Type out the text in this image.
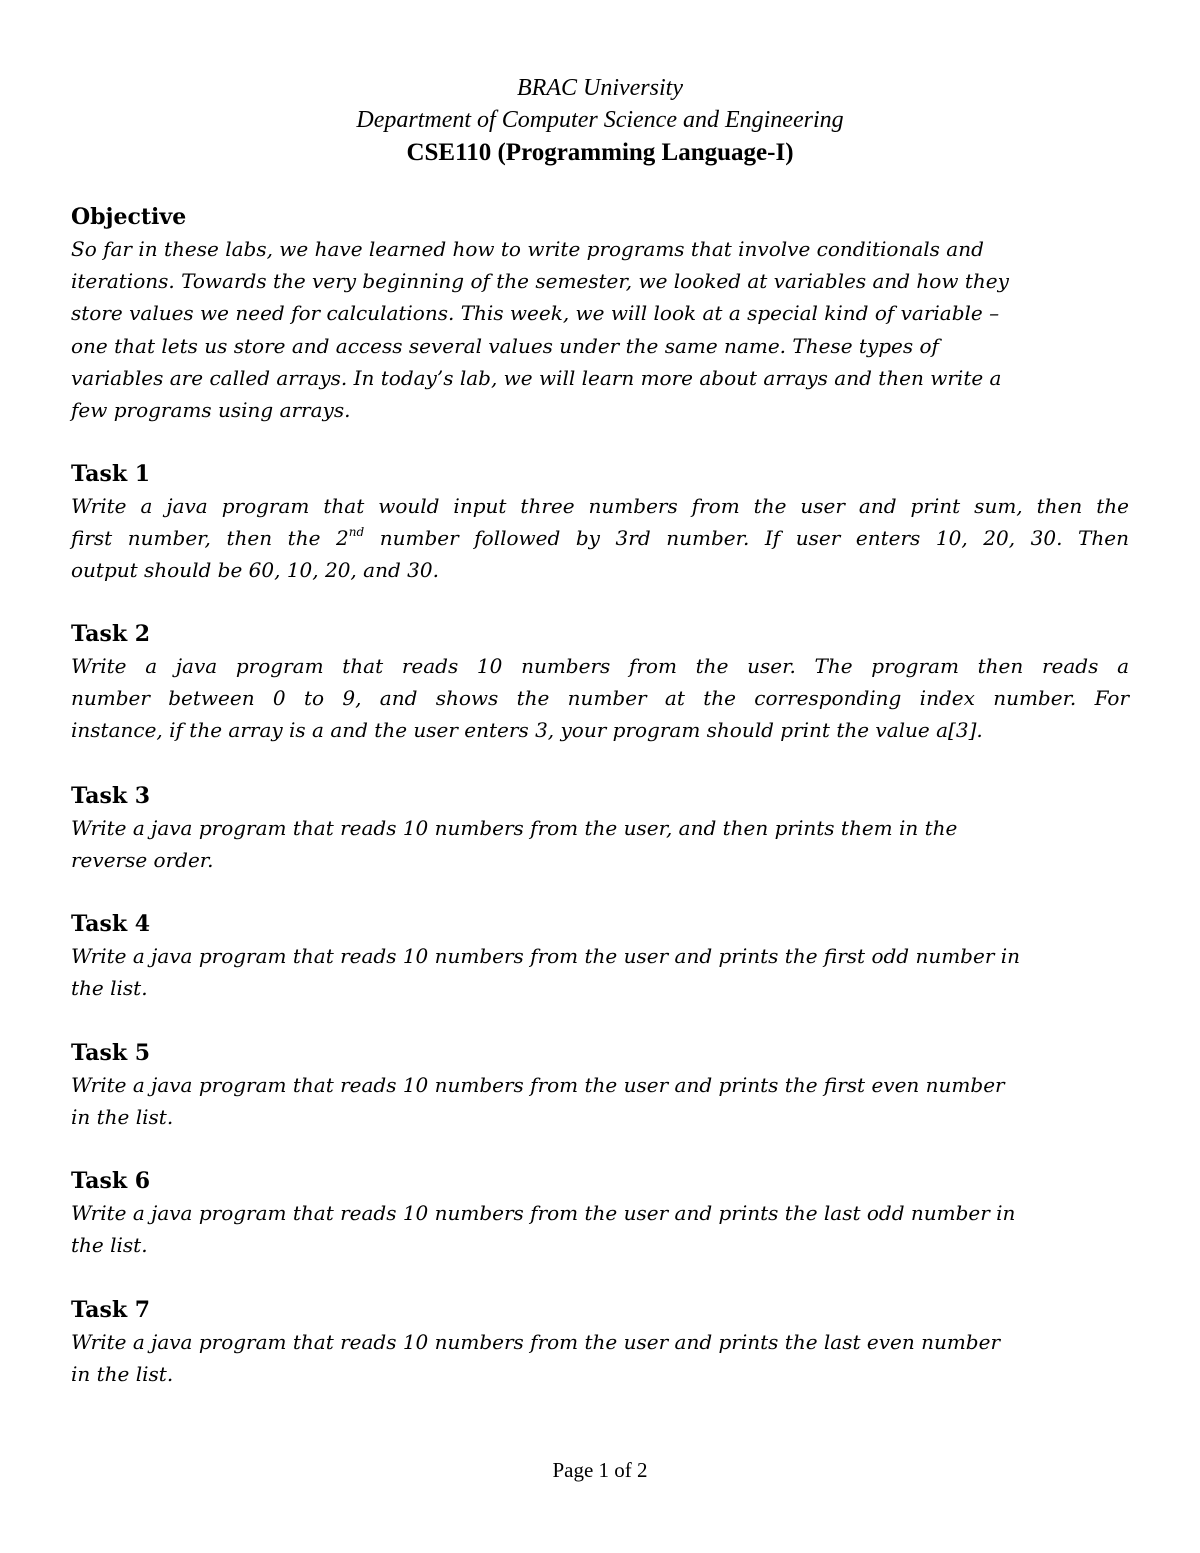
BRAC University
Department of Computer Science and Engineering
CSE110 (Programming Language-I)
Objective
So far in these labs, we have learned how to write programs that involve conditionals and
iterations. Towards the very beginning of the semester, we looked at variables and how they
store values we need for calculations. This week, we will look at a special kind of variable –
one that lets us store and access several values under the same name. These types of
variables are called arrays. In today’s lab, we will learn more about arrays and then write a
few programs using arrays.
Task 1
Write a java program that would input three numbers from the user and print sum, then the
first number, then the 2nd number followed by 3rd number. If user enters 10, 20, 30. Then
output should be 60, 10, 20, and 30.
Task 2
Write a java program that reads 10 numbers from the user. The program then reads a
number between 0 to 9, and shows the number at the corresponding index number. For
instance, if the array is a and the user enters 3, your program should print the value a[3].
Task 3
Write a java program that reads 10 numbers from the user, and then prints them in the
reverse order.
Task 4
Write a java program that reads 10 numbers from the user and prints the first odd number in
the list.
Task 5
Write a java program that reads 10 numbers from the user and prints the first even number
in the list.
Task 6
Write a java program that reads 10 numbers from the user and prints the last odd number in
the list.
Task 7
Write a java program that reads 10 numbers from the user and prints the last even number
in the list.
Page 1 of 2
